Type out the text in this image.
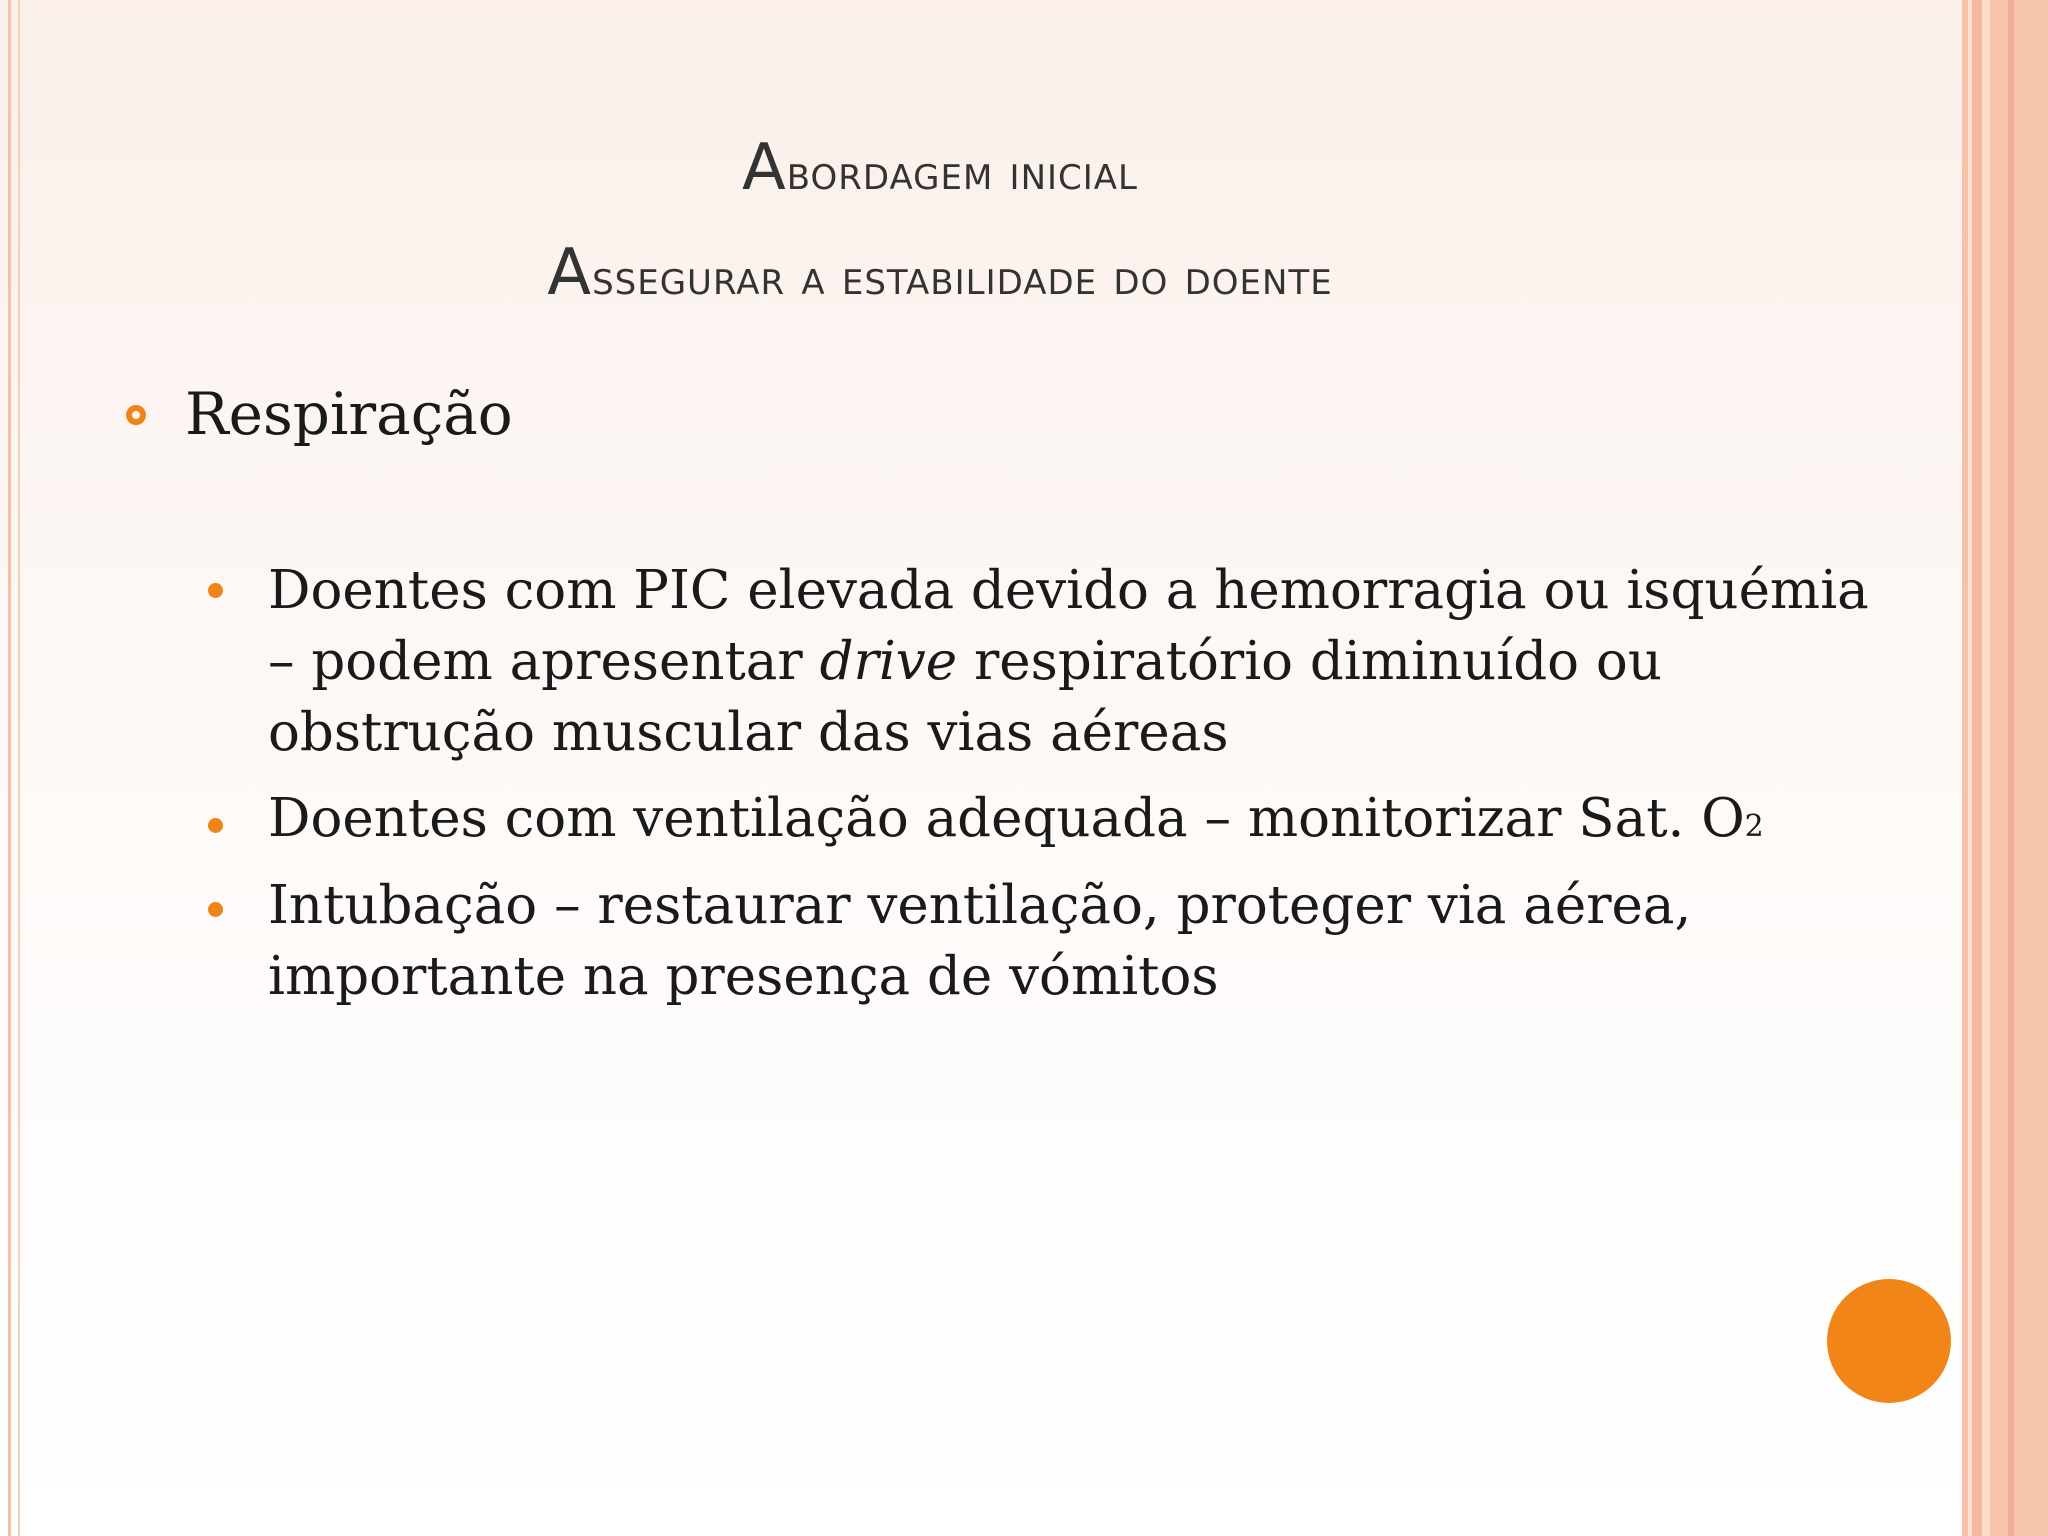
Abordagem inicial
Assegurar a estabilidade do doente
Respiração
Doentes com PIC elevada devido a hemorragia ou isquémia – podem apresentar drive respiratório diminuído ou obstrução muscular das vias aéreas
Doentes com ventilação adequada – monitorizar Sat. O2
Intubação – restaurar ventilação, proteger via aérea, importante na presença de vómitos
